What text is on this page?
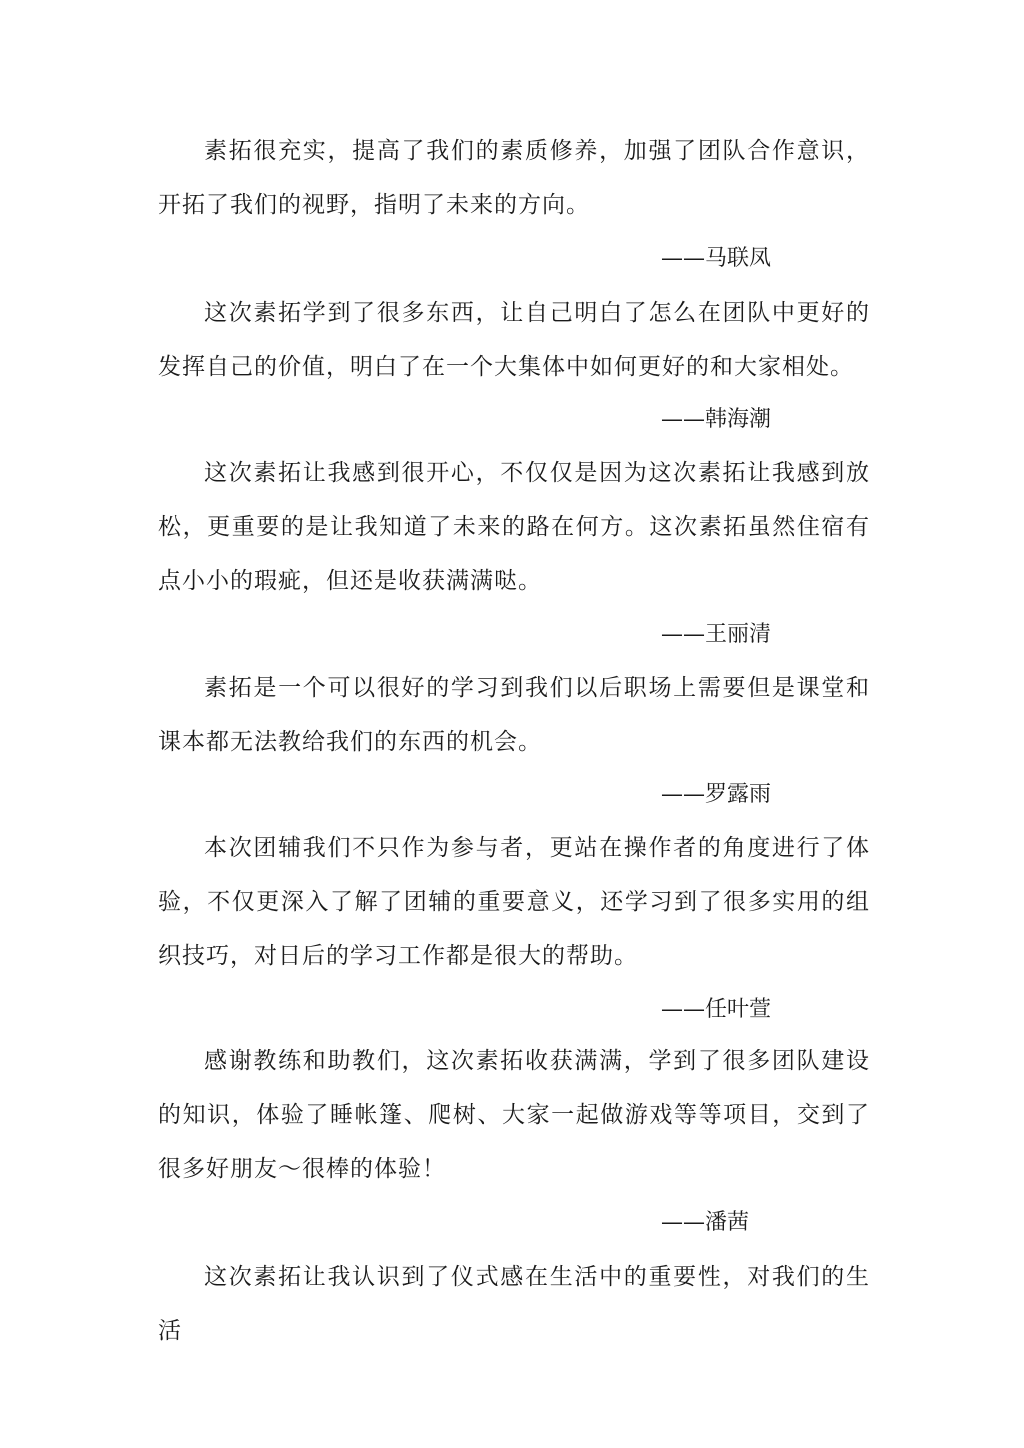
素拓很充实，提高了我们的素质修养，加强了团队合作意识，开拓了我们的视野，指明了未来的方向。

——马联凤

这次素拓学到了很多东西，让自己明白了怎么在团队中更好的发挥自己的价值，明白了在一个大集体中如何更好的和大家相处。

——韩海潮

这次素拓让我感到很开心，不仅仅是因为这次素拓让我感到放松，更重要的是让我知道了未来的路在何方。这次素拓虽然住宿有点小小的瑕疵，但还是收获满满哒。

——王丽清

素拓是一个可以很好的学习到我们以后职场上需要但是课堂和课本都无法教给我们的东西的机会。

——罗露雨

本次团辅我们不只作为参与者，更站在操作者的角度进行了体验，不仅更深入了解了团辅的重要意义，还学习到了很多实用的组织技巧，对日后的学习工作都是很大的帮助。

——任叶萱

感谢教练和助教们，这次素拓收获满满，学到了很多团队建设的知识，体验了睡帐篷、爬树、大家一起做游戏等等项目，交到了很多好朋友～很棒的体验！

——潘茜

这次素拓让我认识到了仪式感在生活中的重要性，对我们的生活
